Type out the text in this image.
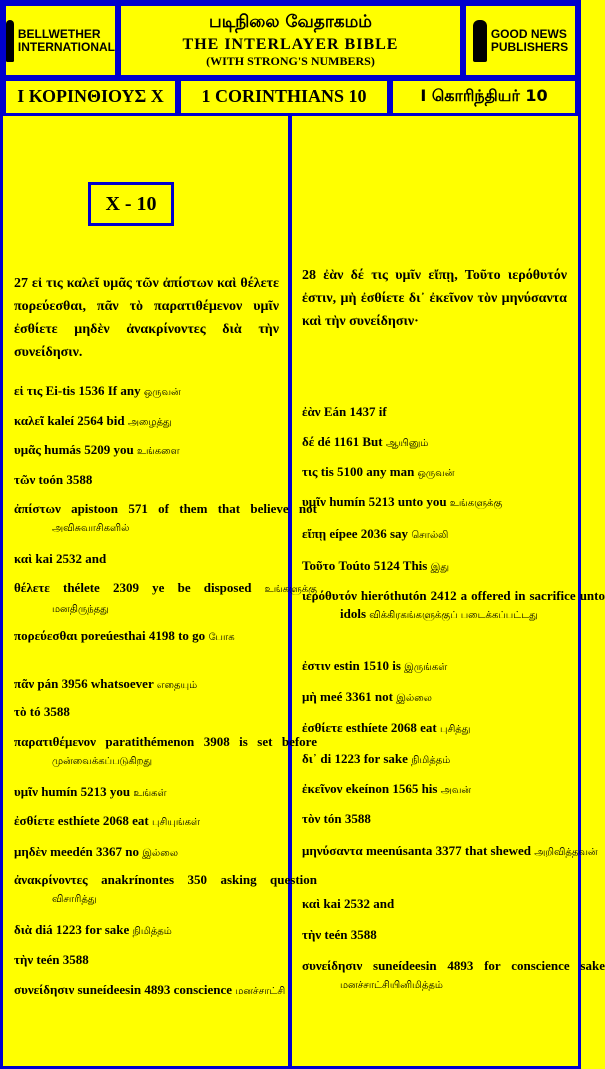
BELLWETHER
INTERNATIONAL
படிநிலை வேதாகமம்
THE INTERLAYER BIBLE
(WITH STRONG'S NUMBERS)
GOOD NEWS
PUBLISHERS
I ΚΟΡΙΝΘΙΟΥΣ X	1 CORINTHIANS 10	I கொரிந்தியர் 10
X - 10
27 εἰ τις καλεῖ υμᾶς τῶν ἀπίστων καὶ θέλετε πορεύεσθαι, πᾶν τὸ παρατιθέμενον υμῖν ἐσθίετε μηδὲν ἀνακρίνοντες διὰ τὴν συνείδησιν.
εἰ τις Ei-tis 1536 If any ஒருவன்
καλεῖ kaleí 2564 bid அழைத்து
υμᾶς humás 5209 you உங்களை
τῶν toón 3588
ἀπίστων apistoon 571 of them that believe not அவிசுவாசிகளில்
καὶ kai 2532 and
θέλετε thélete 2309 ye be disposed உங்களுக்கு மனதிருந்தது
πορεύεσθαι poreúesthai 4198 to go போக
πᾶν pán 3956 whatsoever எதையும்
τὸ tó 3588
παρατιθέμενον paratithémenon 3908 is set before முன்வைக்கப்படுகிறது
υμῖν humín 5213 you உங்கள்
ἐσθίετε esthíete 2068 eat புசியுங்கள்
μηδὲν meedén 3367 no இல்லை
ἀνακρίνοντες anakrínontes 350 asking question விசாரித்து
διὰ diá 1223 for sake நிமித்தம்
τὴν teén 3588
συνείδησιν suneídeesin 4893 conscience மனச்சாட்சி
28 ἐὰν δέ τις υμῖν εἴπῃ, Τοῦτο ιερόθυτόν ἐστιν, μὴ ἐσθίετε δι᾽ ἐκεῖνον τὸν μηνύσαντα καὶ τὴν συνείδησιν·
ἐὰν Eán 1437 if
δέ dé 1161 But ஆயினும்
τις tis 5100 any man ஒருவன்
υμῖν humín 5213 unto you உங்களுக்கு
εἴπῃ eípee 2036 say சொல்லி
Τοῦτο Toúto 5124 This இது
ιερόθυτόν hieróthutón 2412 a offered in sacrifice unto idols விக்கிரகங்களுக்குப் படைக்கப்பட்டது
ἐστιν estin 1510 is இருங்கள்
μὴ meé 3361 not இல்லை
ἐσθίετε esthíete 2068 eat புசித்து
δι᾽ di 1223 for sake நிமித்தம்
ἐκεῖνον ekeínon 1565 his அவன்
τὸν tón 3588
μηνύσαντα meenúsanta 3377 that shewed அறிவித்தவன்
καὶ kai 2532 and
τὴν teén 3588
συνείδησιν suneídeesin 4893 for conscience sake மனச்சாட்சியினிமித்தம்
